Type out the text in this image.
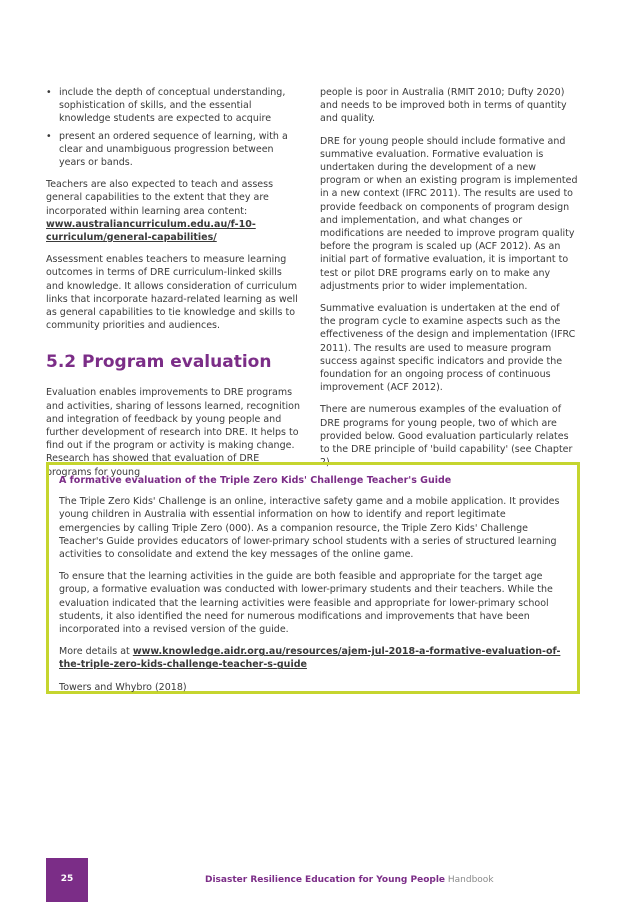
• include the depth of conceptual understanding, sophistication of skills, and the essential knowledge students are expected to acquire
• present an ordered sequence of learning, with a clear and unambiguous progression between years or bands.

Teachers are also expected to teach and assess general capabilities to the extent that they are incorporated within learning area content: www.australiancurriculum.edu.au/f-10-curriculum/general-capabilities/

Assessment enables teachers to measure learning outcomes in terms of DRE curriculum-linked skills and knowledge. It allows consideration of curriculum links that incorporate hazard-related learning as well as general capabilities to tie knowledge and skills to community priorities and audiences.

5.2 Program evaluation

Evaluation enables improvements to DRE programs and activities, sharing of lessons learned, recognition and integration of feedback by young people and further development of research into DRE. It helps to find out if the program or activity is making change. Research has showed that evaluation of DRE programs for young

people is poor in Australia (RMIT 2010; Dufty 2020) and needs to be improved both in terms of quantity and quality.

DRE for young people should include formative and summative evaluation. Formative evaluation is undertaken during the development of a new program or when an existing program is implemented in a new context (IFRC 2011). The results are used to provide feedback on components of program design and implementation, and what changes or modifications are needed to improve program quality before the program is scaled up (ACF 2012). As an initial part of formative evaluation, it is important to test or pilot DRE programs early on to make any adjustments prior to wider implementation.

Summative evaluation is undertaken at the end of the program cycle to examine aspects such as the effectiveness of the design and implementation (IFRC 2011). The results are used to measure program success against specific indicators and provide the foundation for an ongoing process of continuous improvement (ACF 2012).

There are numerous examples of the evaluation of DRE programs for young people, two of which are provided below. Good evaluation particularly relates to the DRE principle of 'build capability' (see Chapter 2).

A formative evaluation of the Triple Zero Kids' Challenge Teacher's Guide

The Triple Zero Kids' Challenge is an online, interactive safety game and a mobile application. It provides young children in Australia with essential information on how to identify and report legitimate emergencies by calling Triple Zero (000). As a companion resource, the Triple Zero Kids' Challenge Teacher's Guide provides educators of lower-primary school students with a series of structured learning activities to consolidate and extend the key messages of the online game.

To ensure that the learning activities in the guide are both feasible and appropriate for the target age group, a formative evaluation was conducted with lower-primary students and their teachers. While the evaluation indicated that the learning activities were feasible and appropriate for lower-primary school students, it also identified the need for numerous modifications and improvements that have been incorporated into a revised version of the guide.

More details at www.knowledge.aidr.org.au/resources/ajem-jul-2018-a-formative-evaluation-of-the-triple-zero-kids-challenge-teacher-s-guide

Towers and Whybro (2018)

25	Disaster Resilience Education for Young People Handbook
